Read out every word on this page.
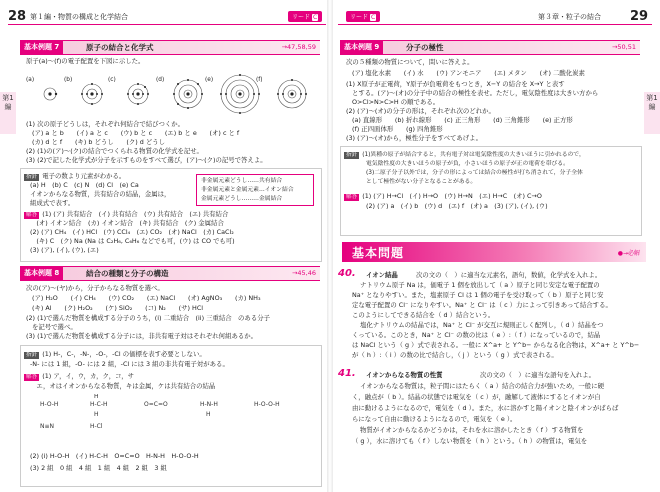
28 第１編・物質の構成と化学結合	リード C
第1編
基本例題 7	原子の結合と化学式	→47,58,59
原子(a)〜(f)の電子配置を下図に示した。
(a)	(b)	(c)	(d)	(e)	(f)
(1) 次の原子どうしは，それぞれ何結合で結びつくか。
(ア) a と b　　(イ) a と c　　(ウ) b と c　　(エ) b と e　　(オ) c と f
(カ) d と f　　(キ) b どうし　　(ク) d どうし
(2) (1)の(ア)〜(ク)の結合でつくられる物質の化学式を記せ。
(3) (2)で記した化学式が分子を示すものをすべて選び，(ア)〜(ク)の記号で答えよ。
指針 電子の数より元素がわかる。
(a) H　(b) C　(c) N　(d) Cl　(e) Ca
イオンからなる物質，共有結合の結晶，金属は，
組成式で表す。
非金属元素どうし……共有結合
非金属元素と金属元素…イオン結合
金属元素どうし………金属結合
解答 (1) (ア) 共有結合　(イ) 共有結合　(ウ) 共有結合　(エ) 共有結合
　(オ) イオン結合　(カ) イオン結合　(キ) 共有結合　(ク) 金属結合
(2) (ア) CH₄　(イ) HCl　(ウ) CCl₄　(エ) CO₂　(オ) NaCl　(カ) CaCl₂
　(キ) C　(ク) Na (Na は C₂H₆, C₆H₆ などでも可，(ウ) は CO でも可)
(3) (ア), (イ), (ウ), (エ)
基本例題 8	結合の種類と分子の構造	→45,46
次の(ア)〜(ヤ)から，分子からなる物質を選べ。
(ア) H₂O　　(イ) CH₄　　(ウ) CO₂　　(エ) NaCl　　(オ) AgNO₃　　(カ) NH₃
(キ) Al　　(ク) H₂O₂　　(ケ) SiO₂　　(コ) N₂　　(サ) HCl
(2) (1)で選んだ物質を構成する分子のうち，(i) 二重結合　(ii) 三重結合　のある分子
を記号で選べ。
(3) (1)で選んだ物質を構成する分子には，非共有電子対はそれぞれ何組あるか。
指針 (1) H-，C-，-N-，-O-，-Cl の価標を表す必要としない。
-N- には 1 組，-O- には 2 組，-Cl には 3 組の非共有電子対がある。
解答 (1) ア，イ，ウ，カ，ク，コ，サ
　エ，オはイオンからなる物質，キは金属，ケは共有結合の結晶
H-O-H	H-C-H
H
H
O=C=O	H-N-H
H
H-O-O-H
N≡N	H-Cl
(2) (i) H-O-H　(イ) H-C-H　O=C=O　H-N-H　H-O-O-H
(3) 2 組　0 組　4 組　1 組　4 組　2 組　3 組
リード C	第３章・粒子の結合 29
第1編
基本例題 9	分子の極性	→50,51
次の５種類の物質について，問いに答えよ。
(ア) 塩化水素　　(イ) 水　　(ウ) アンモニア　　(エ) メタン　　(オ) 二酸化炭素
(1) X原子が正電荷，Y原子が負電荷をもつとき，X−Y の結合を X→Y と表す
とする。(ア)〜(オ)の分子中の結合の極性を表せ。ただし，電気陰性度は大きい方から
O>Cl>N>C>H の順である。
(2) (ア)〜(オ)の分子の形は，それぞれ次のどれか。
(a) 直線形　　(b) 折れ線形　　(c) 正三角形　　(d) 三角錐形　　(e) 正方形
(f) 正四面体形　　(g) 四角錐形
(3) (ア)〜(オ)から，極性分子をすべてあげよ。
指針 (1)異種の原子が結合すると，共有電子対は電気陰性度の大きいほうに引かれるので，
電気陰性度の大きいほうの原子が負，小さいほうの原子が正の電荷を帯びる。
(3)二原子分子以外では，分子の形によっては結合の極性が打ち消されて，分子全体
として極性がない分子となることがある。
解答 (1) (ア) H→Cl　(イ) H→O　(ウ) H→N　(エ) H→C　(オ) C→O
(2) (ア) a　(イ) b　(ウ) d　(エ) f　(オ) a　(3) (ア), (イ), (ウ)
基本問題	●→必解
40. イオン結晶	次の文の（　）に適当な元素名，語句，数値，化学式を入れよ。
ナトリウム原子 Na は，価電子 1 個を放出して（ a ）原子と同じ安定な電子配置の
Na⁺ となりやすい。また，塩素原子 Cl は 1 個の電子を受け取って（ b ）原子と同じ安
定な電子配置の Cl⁻ になりやすい。Na⁺ と Cl⁻ は（ c ）力によって引きあって結合する。
このようにしてできる結合を（ d ）結合という。
塩化ナトリウムの結晶では，Na⁺ と Cl⁻ が交互に規則正しく配列し，（ d ）結晶をつ
くっている。このとき，Na⁺ と Cl⁻ の数の比は（ e ）:（ f ）になっているので，結晶
は NaCl という（ g ）式で表される。一般に X^a+ と Y^b− からなる化合物は，X^a+ と Y^b−
が（ h ）:（ i ）の数の比で結合し，（ j ）という（ g ）式で表される。
41. イオンからなる物質の性質	次の文の（　）に適当な語句を入れよ。
イオンからなる物質は，粒子間にはたらく（ a ）結合の結合力が強いため，一般に硬
く，融点が（ b ）。結晶の状態では電気を（ c ）が，融解して液体にするとイオンが自
由に動けるようになるので，電気を（ d ）。また，水に溶かすと陽イオンと陰イオンがばらば
らになって自由に動けるようになるので，電気を（ e ）。
物質がイオンからなるかどうかは，それを水に溶かしたとき（ f ）する物質を
（ g ），水に溶けても（ f ）しない物質を（ h ）という。（ h ）の物質は，電気を
